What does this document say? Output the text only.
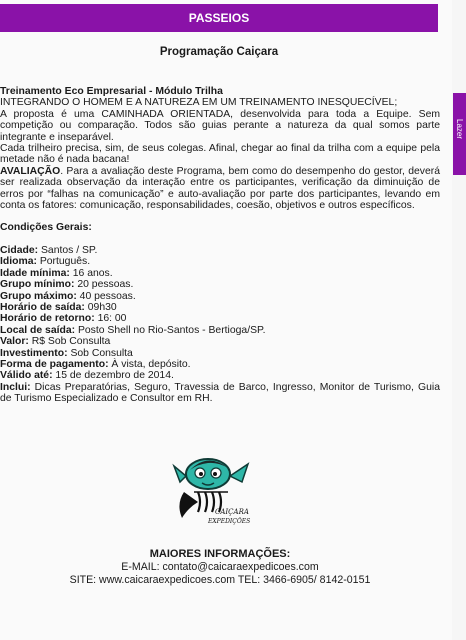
PASSEIOS
Programação Caiçara

Treinamento Eco Empresarial - Módulo Trilha

INTEGRANDO O HOMEM E A NATUREZA EM UM TREINAMENTO INESQUECÍVEL;

A proposta é uma CAMINHADA ORIENTADA, desenvolvida para toda a Equipe. Sem competição ou comparação. Todos são guias perante a natureza da qual somos parte integrante e inseparável.

Cada trilheiro precisa, sim, de seus colegas. Afinal, chegar ao final da trilha com a equipe pela metade não é nada bacana!

AVALIAÇÃO. Para a avaliação deste Programa, bem como do desempenho do gestor, deverá ser realizada observação da interação entre os participantes, verificação da diminuição de erros por “falhas na comunicação” e auto-avaliação por parte dos participantes, levando em conta os fatores: comunicação, responsabilidades, coesão, objetivos e outros específicos.

Condições Gerais:

Cidade: Santos / SP.

Idioma: Português.

Idade mínima: 16 anos.

Grupo mínimo: 20 pessoas.

Grupo máximo: 40 pessoas.

Horário de saída: 09h30

Horário de retorno: 16: 00

Local de saída: Posto Shell no Rio-Santos - Bertioga/SP.

Valor: R$ Sob Consulta

Investimento: Sob Consulta

Forma de pagamento: À vista, depósito.

Válido até: 15 de dezembro de 2014.

Inclui: Dicas Preparatórias, Seguro, Travessia de Barco, Ingresso, Monitor de Turismo, Guia de Turismo Especializado e Consultor em RH.

CAIÇARA
EXPEDIÇÕES
MAIORES INFORMAÇÕES:
E-MAIL: contato@caicaraexpedicoes.com
SITE: www.caicaraexpedicoes.com TEL: 3466-6905/ 8142-0151
Lazer
